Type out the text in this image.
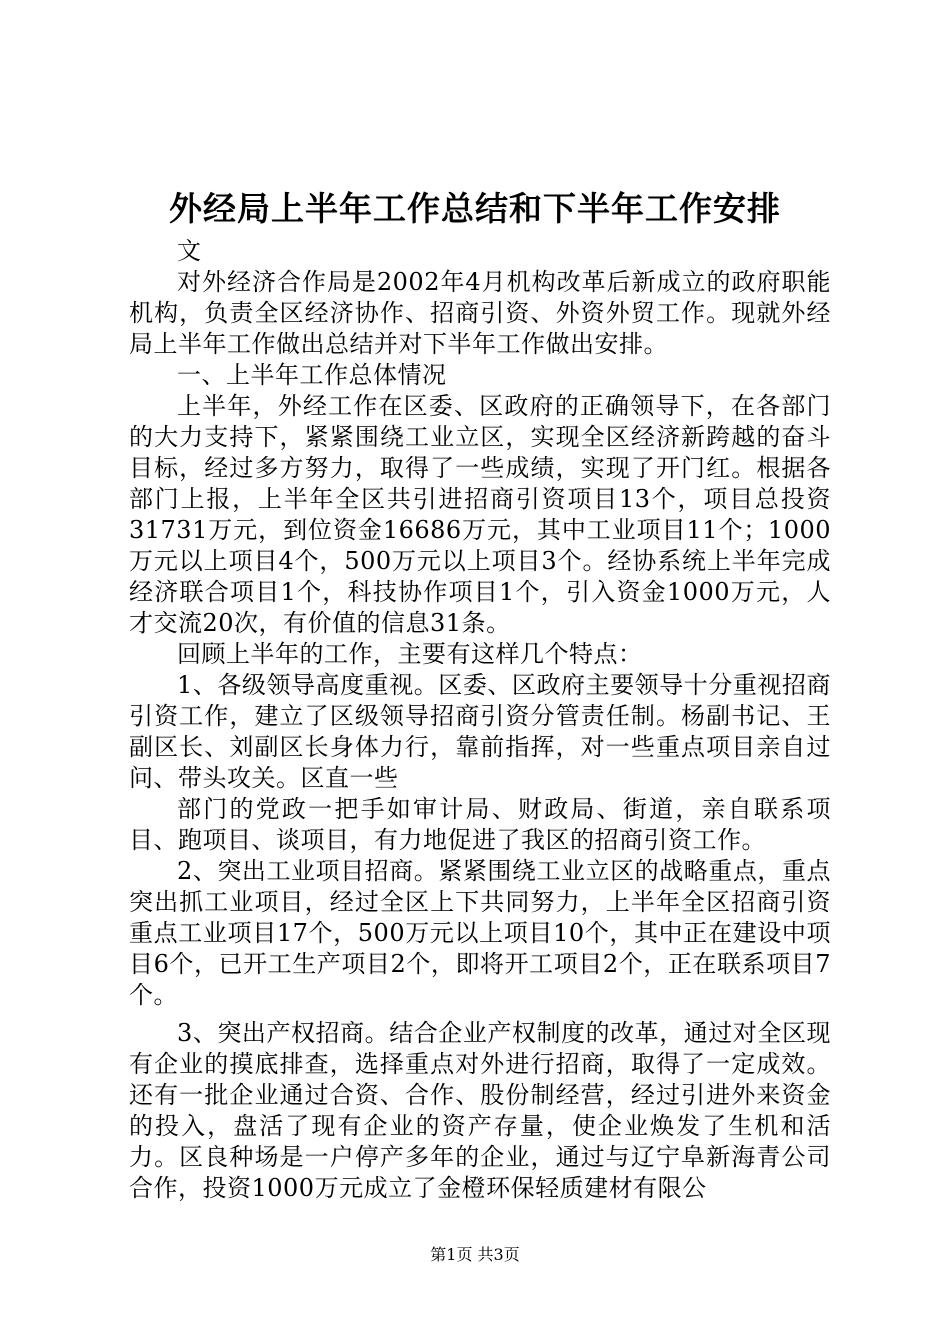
外经局上半年工作总结和下半年工作安排

文

对外经济合作局是2002年4月机构改革后新成立的政府职能机构，负责全区经济协作、招商引资、外资外贸工作。现就外经局上半年工作做出总结并对下半年工作做出安排。

一、上半年工作总体情况

上半年，外经工作在区委、区政府的正确领导下，在各部门的大力支持下，紧紧围绕工业立区，实现全区经济新跨越的奋斗目标，经过多方努力，取得了一些成绩，实现了开门红。根据各部门上报，上半年全区共引进招商引资项目13个，项目总投资31731万元，到位资金16686万元，其中工业项目11个；1000万元以上项目4个，500万元以上项目3个。经协系统上半年完成经济联合项目1个，科技协作项目1个，引入资金1000万元，人才交流20次，有价值的信息31条。

回顾上半年的工作，主要有这样几个特点：

1、各级领导高度重视。区委、区政府主要领导十分重视招商引资工作，建立了区级领导招商引资分管责任制。杨副书记、王副区长、刘副区长身体力行，靠前指挥，对一些重点项目亲自过问、带头攻关。区直一些

部门的党政一把手如审计局、财政局、街道，亲自联系项目、跑项目、谈项目，有力地促进了我区的招商引资工作。

2、突出工业项目招商。紧紧围绕工业立区的战略重点，重点突出抓工业项目，经过全区上下共同努力，上半年全区招商引资重点工业项目17个，500万元以上项目10个，其中正在建设中项目6个，已开工生产项目2个，即将开工项目2个，正在联系项目7个。

3、突出产权招商。结合企业产权制度的改革，通过对全区现有企业的摸底排查，选择重点对外进行招商，取得了一定成效。还有一批企业通过合资、合作、股份制经营，经过引进外来资金的投入，盘活了现有企业的资产存量，使企业焕发了生机和活力。区良种场是一户停产多年的企业，通过与辽宁阜新海青公司合作，投资1000万元成立了金橙环保轻质建材有限公

第1页 共3页
